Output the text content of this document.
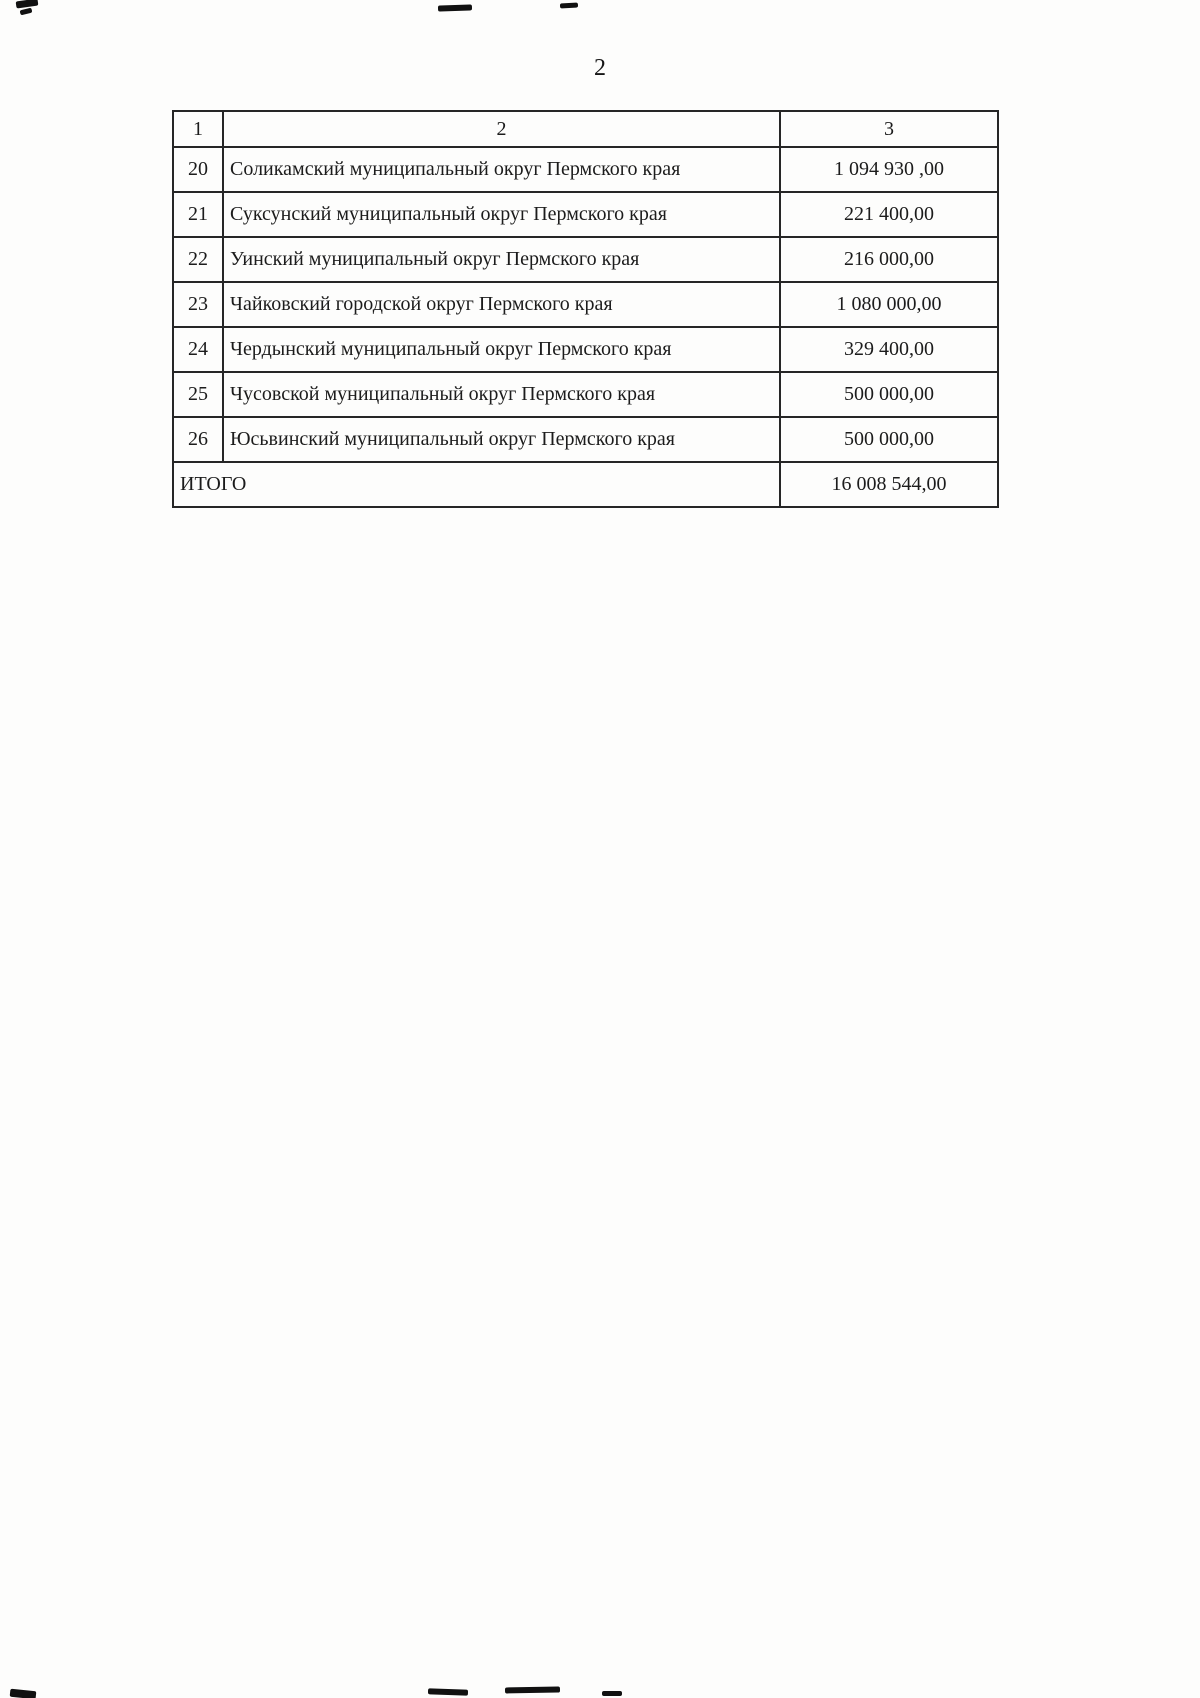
2
1	2	3
20	Соликамский муниципальный округ Пермского края	1 094 930 ,00
21	Суксунский муниципальный округ Пермского края	221 400,00
22	Уинский муниципальный округ Пермского края	216 000,00
23	Чайковский городской округ Пермского края	1 080 000,00
24	Чердынский муниципальный округ Пермского края	329 400,00
25	Чусовской муниципальный округ Пермского края	500 000,00
26	Юсьвинский муниципальный округ Пермского края	500 000,00
ИТОГО		16 008 544,00
